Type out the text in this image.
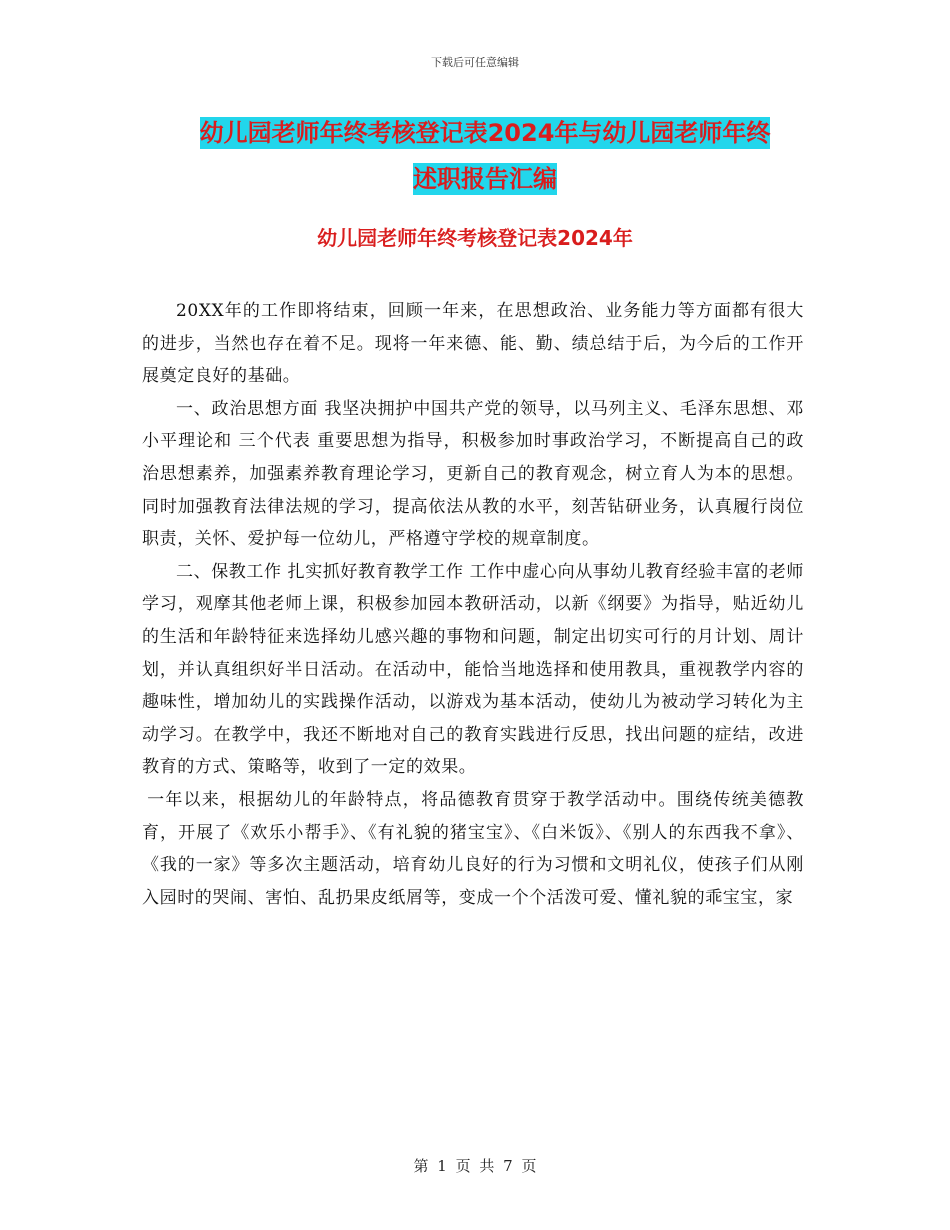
下载后可任意编辑
幼儿园老师年终考核登记表2024年与幼儿园老师年终
述职报告汇编
幼儿园老师年终考核登记表2024年

20XX年的工作即将结束，回顾一年来，在思想政治、业务能力等方面都有很大的进步，当然也存在着不足。现将一年来德、能、勤、绩总结于后，为今后的工作开展奠定良好的基础。

一、政治思想方面 我坚决拥护中国共产党的领导，以马列主义、毛泽东思想、邓小平理论和 三个代表 重要思想为指导，积极参加时事政治学习，不断提高自己的政治思想素养，加强素养教育理论学习，更新自己的教育观念，树立育人为本的思想。同时加强教育法律法规的学习，提高依法从教的水平，刻苦钻研业务，认真履行岗位职责，关怀、爱护每一位幼儿，严格遵守学校的规章制度。

二、保教工作 扎实抓好教育教学工作 工作中虚心向从事幼儿教育经验丰富的老师学习，观摩其他老师上课，积极参加园本教研活动，以新《纲要》为指导，贴近幼儿的生活和年龄特征来选择幼儿感兴趣的事物和问题，制定出切实可行的月计划、周计划，并认真组织好半日活动。在活动中，能恰当地选择和使用教具，重视教学内容的趣味性，增加幼儿的实践操作活动，以游戏为基本活动，使幼儿为被动学习转化为主动学习。在教学中，我还不断地对自己的教育实践进行反思，找出问题的症结，改进教育的方式、策略等，收到了一定的效果。

一年以来，根据幼儿的年龄特点，将品德教育贯穿于教学活动中。围绕传统美德教育，开展了《欢乐小帮手》、《有礼貌的猪宝宝》、《白米饭》、《别人的东西我不拿》、《我的一家》等多次主题活动，培育幼儿良好的行为习惯和文明礼仪，使孩子们从刚入园时的哭闹、害怕、乱扔果皮纸屑等，变成一个个活泼可爱、懂礼貌的乖宝宝，家

第 1 页 共 7 页
